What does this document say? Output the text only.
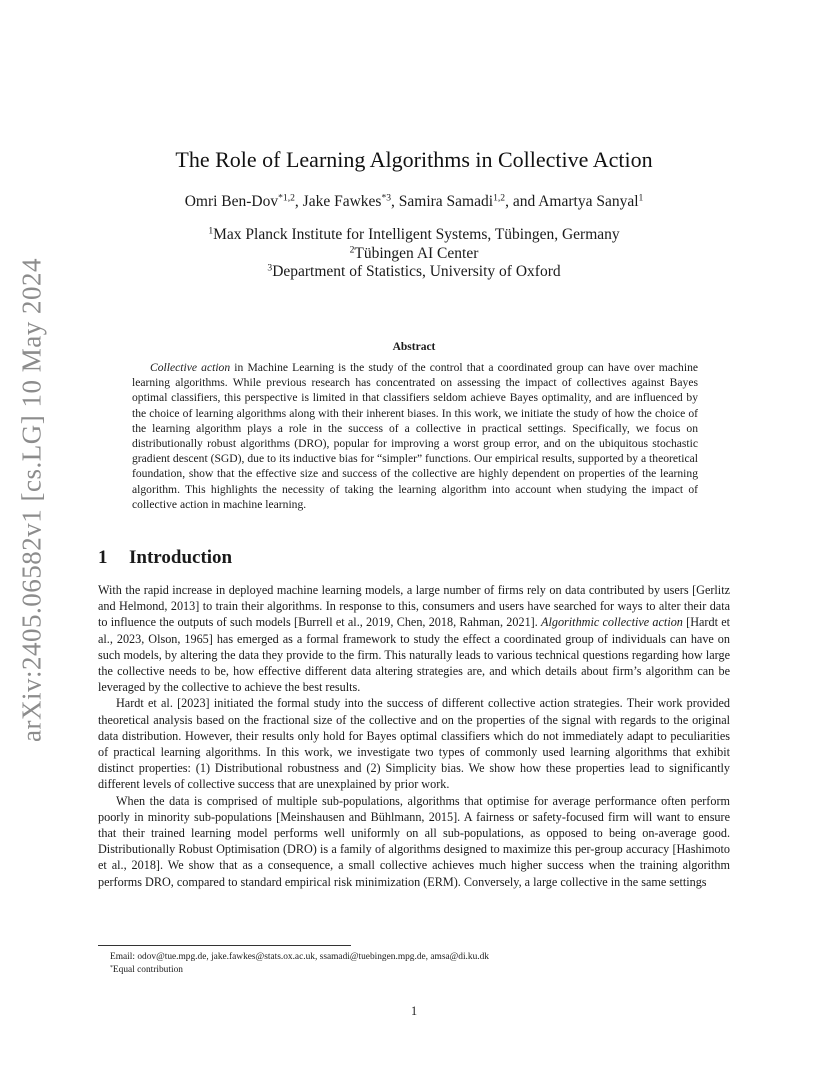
arXiv:2405.06582v1 [cs.LG] 10 May 2024
The Role of Learning Algorithms in Collective Action
Omri Ben-Dov$^{*1,2}$, Jake Fawkes$^{*3}$, Samira Samadi$^{1,2}$, and Amartya Sanyal$^1$
$^1$Max Planck Institute for Intelligent Systems, Tübingen, Germany
$^2$Tübingen AI Center
$^3$Department of Statistics, University of Oxford
Abstract

Collective action in Machine Learning is the study of the control that a coordinated group can have over machine learning algorithms. While previous research has concentrated on assessing the impact of collectives against Bayes optimal classifiers, this perspective is limited in that classifiers seldom achieve Bayes optimality, and are influenced by the choice of learning algorithms along with their inherent biases. In this work, we initiate the study of how the choice of the learning algorithm plays a role in the success of a collective in practical settings. Specifically, we focus on distributionally robust algorithms (DRO), popular for improving a worst group error, and on the ubiquitous stochastic gradient descent (SGD), due to its inductive bias for “simpler” functions. Our empirical results, supported by a theoretical foundation, show that the effective size and success of the collective are highly dependent on properties of the learning algorithm. This highlights the necessity of taking the learning algorithm into account when studying the impact of collective action in machine learning.

1 Introduction

With the rapid increase in deployed machine learning models, a large number of firms rely on data contributed by users [Gerlitz and Helmond, 2013] to train their algorithms. In response to this, consumers and users have searched for ways to alter their data to influence the outputs of such models [Burrell et al., 2019, Chen, 2018, Rahman, 2021]. Algorithmic collective action [Hardt et al., 2023, Olson, 1965] has emerged as a formal framework to study the effect a coordinated group of individuals can have on such models, by altering the data they provide to the firm. This naturally leads to various technical questions regarding how large the collective needs to be, how effective different data altering strategies are, and which details about firm’s algorithm can be leveraged by the collective to achieve the best results.

Hardt et al. [2023] initiated the formal study into the success of different collective action strategies. Their work provided theoretical analysis based on the fractional size of the collective and on the properties of the signal with regards to the original data distribution. However, their results only hold for Bayes optimal classifiers which do not immediately adapt to peculiarities of practical learning algorithms. In this work, we investigate two types of commonly used learning algorithms that exhibit distinct properties: (1) Distributional robustness and (2) Simplicity bias. We show how these properties lead to significantly different levels of collective success that are unexplained by prior work.

When the data is comprised of multiple sub-populations, algorithms that optimise for average performance often perform poorly in minority sub-populations [Meinshausen and Bühlmann, 2015]. A fairness or safety-focused firm will want to ensure that their trained learning model performs well uniformly on all sub-populations, as opposed to being on-average good. Distributionally Robust Optimisation (DRO) is a family of algorithms designed to maximize this per-group accuracy [Hashimoto et al., 2018]. We show that as a consequence, a small collective achieves much higher success when the training algorithm performs DRO, compared to standard empirical risk minimization (ERM). Conversely, a large collective in the same settings

Email: odov@tue.mpg.de, jake.fawkes@stats.ox.ac.uk, ssamadi@tuebingen.mpg.de, amsa@di.ku.dk
*Equal contribution
1
